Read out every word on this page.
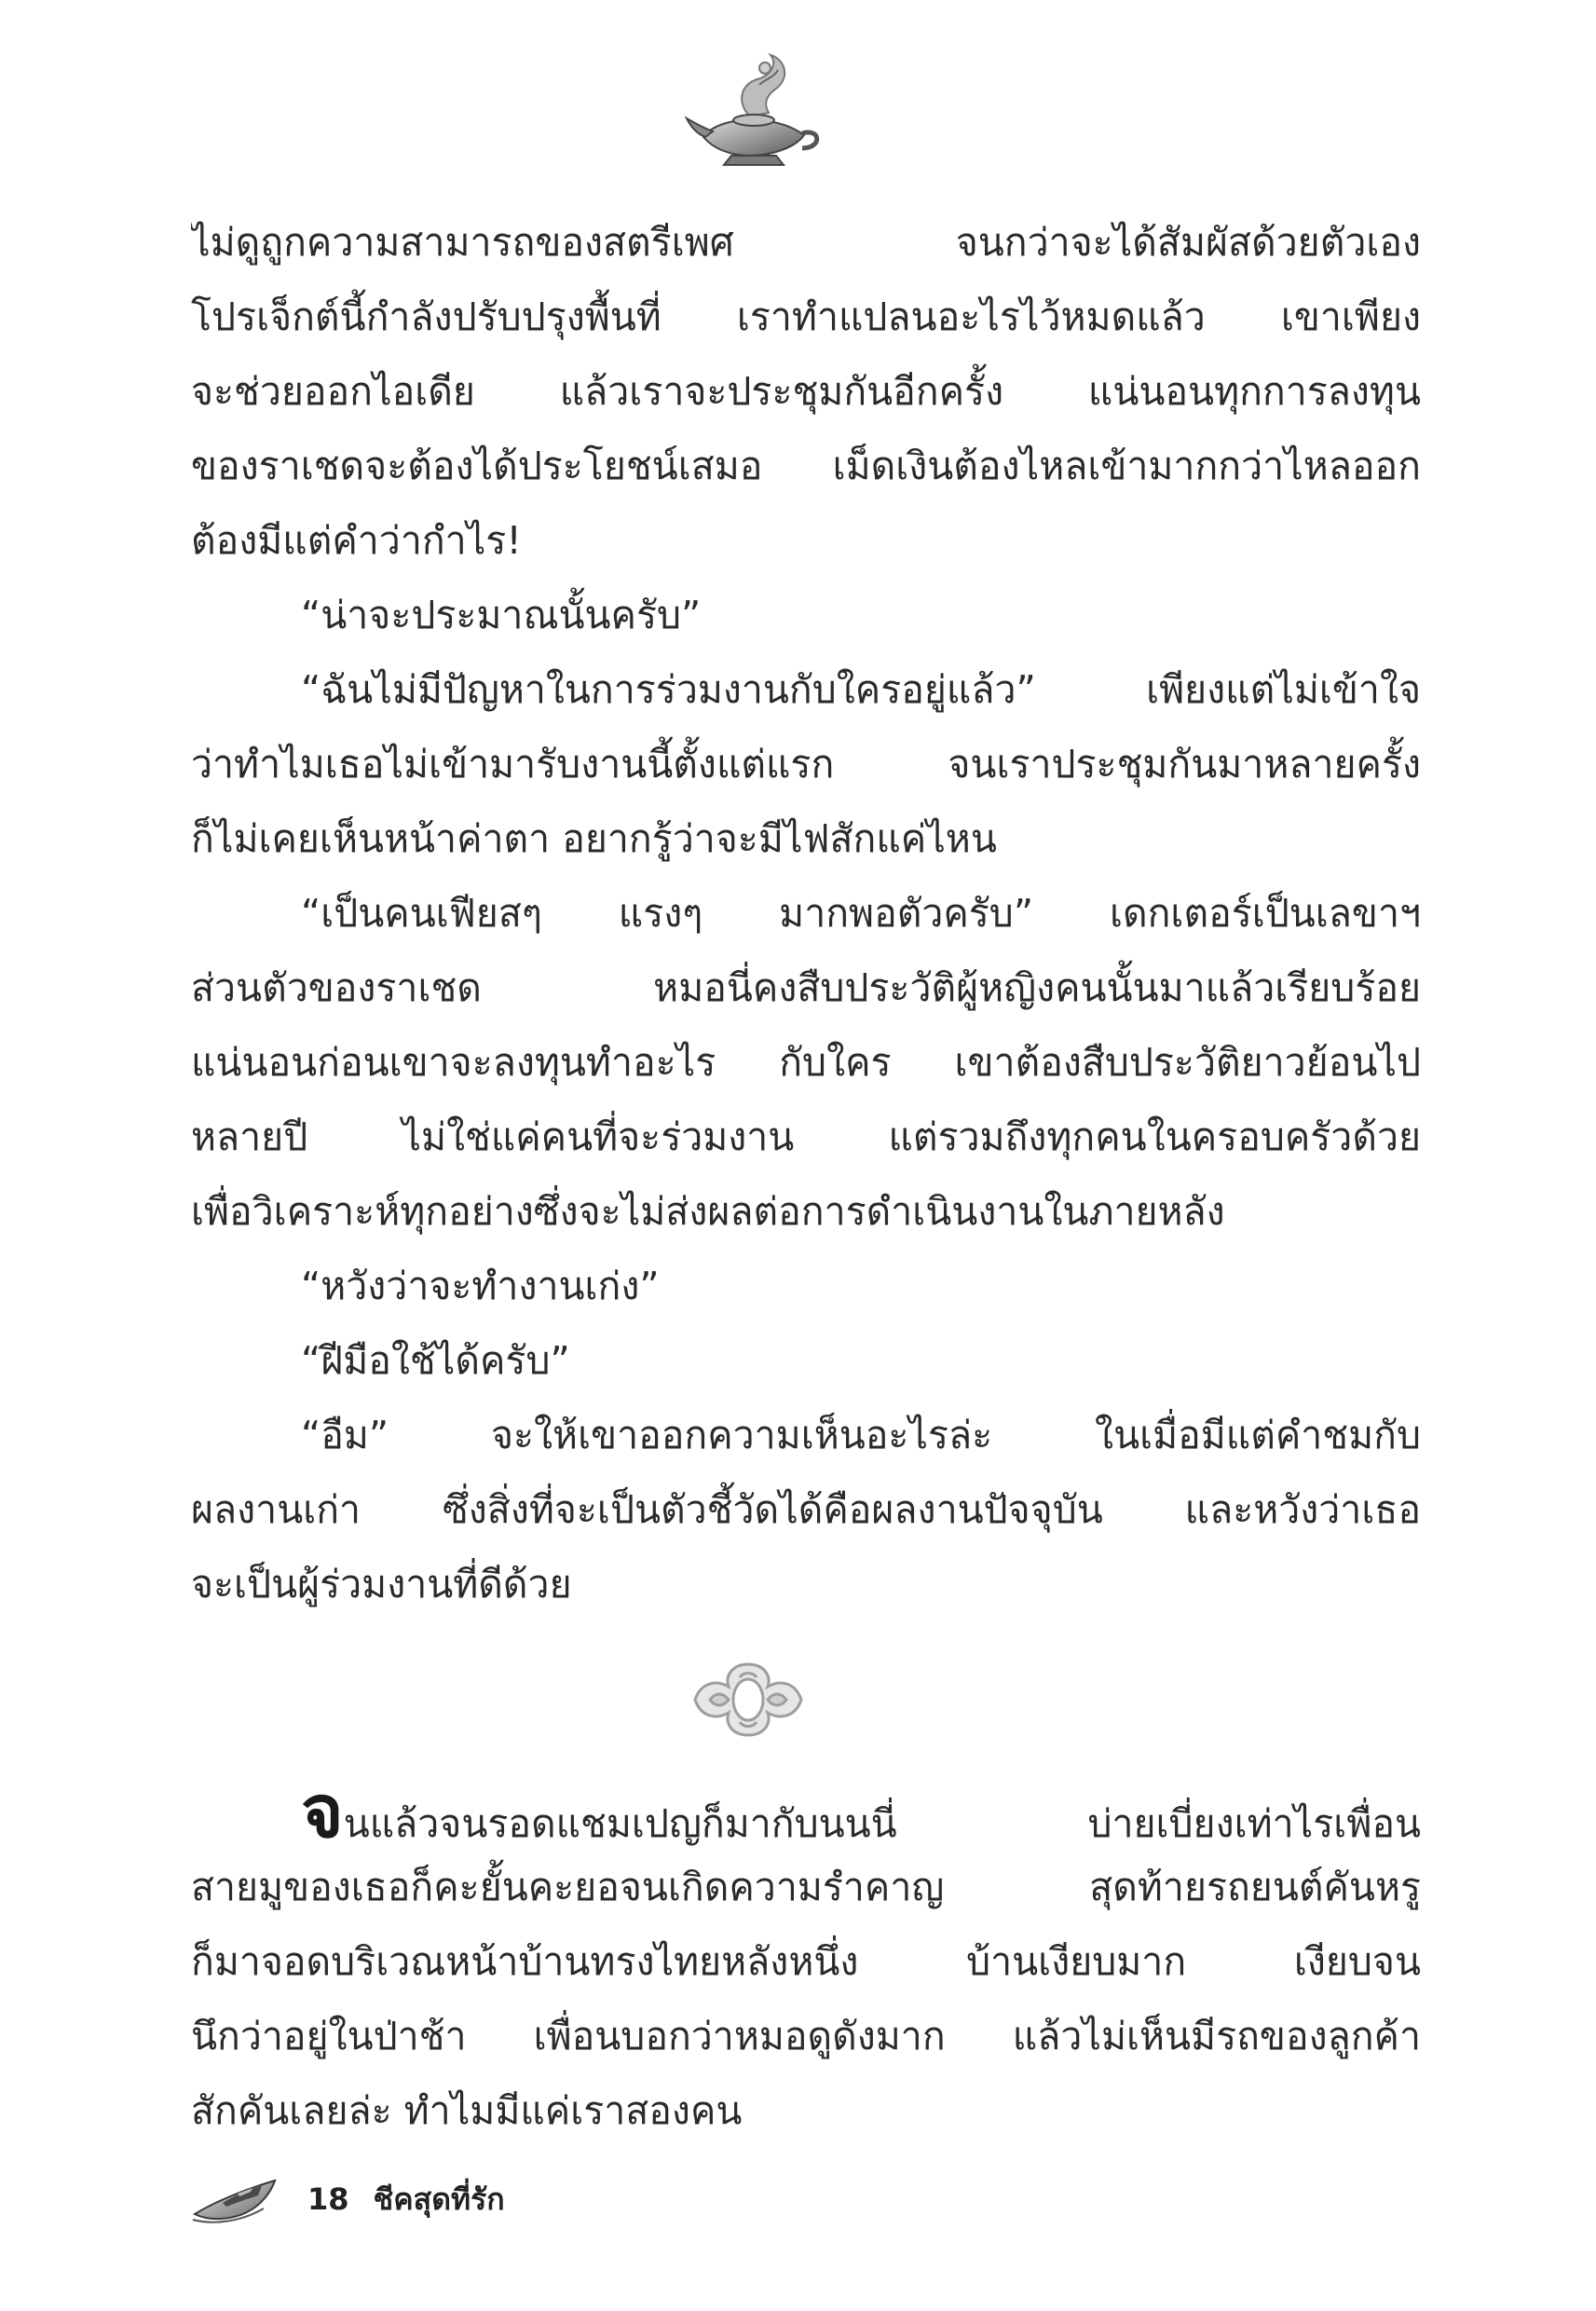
ไม่ดูถูกความสามารถของสตรีเพศ จนกว่าจะได้สัมผัสด้วยตัวเอง
โปรเจ็กต์นี้กำลังปรับปรุงพื้นที่ เราทำแปลนอะไรไว้หมดแล้ว เขาเพียง
จะช่วยออกไอเดีย แล้วเราจะประชุมกันอีกครั้ง แน่นอนทุกการลงทุน
ของราเชดจะต้องได้ประโยชน์เสมอ เม็ดเงินต้องไหลเข้ามากกว่าไหลออก
ต้องมีแต่คำว่ากำไร!
“น่าจะประมาณนั้นครับ”
“ฉันไม่มีปัญหาในการร่วมงานกับใครอยู่แล้ว” เพียงแต่ไม่เข้าใจ
ว่าทำไมเธอไม่เข้ามารับงานนี้ตั้งแต่แรก จนเราประชุมกันมาหลายครั้ง
ก็ไม่เคยเห็นหน้าค่าตา อยากรู้ว่าจะมีไฟสักแค่ไหน
“เป็นคนเฟียสๆ แรงๆ มากพอตัวครับ” เดกเตอร์เป็นเลขาฯ
ส่วนตัวของราเชด หมอนี่คงสืบประวัติผู้หญิงคนนั้นมาแล้วเรียบร้อย
แน่นอนก่อนเขาจะลงทุนทำอะไร กับใคร เขาต้องสืบประวัติยาวย้อนไป
หลายปี ไม่ใช่แค่คนที่จะร่วมงาน แต่รวมถึงทุกคนในครอบครัวด้วย
เพื่อวิเคราะห์ทุกอย่างซึ่งจะไม่ส่งผลต่อการดำเนินงานในภายหลัง
“หวังว่าจะทำงานเก่ง”
“ฝีมือใช้ได้ครับ”
“อืม” จะให้เขาออกความเห็นอะไรล่ะ ในเมื่อมีแต่คำชมกับ
ผลงานเก่า ซึ่งสิ่งที่จะเป็นตัวชี้วัดได้คือผลงานปัจจุบัน และหวังว่าเธอ
จะเป็นผู้ร่วมงานที่ดีด้วย
จนแล้วจนรอดแชมเปญก็มากับนนนี่ บ่ายเบี่ยงเท่าไรเพื่อน
สายมูของเธอก็คะยั้นคะยอจนเกิดความรำคาญ สุดท้ายรถยนต์คันหรู
ก็มาจอดบริเวณหน้าบ้านทรงไทยหลังหนึ่ง บ้านเงียบมาก เงียบจน
นึกว่าอยู่ในป่าช้า เพื่อนบอกว่าหมอดูดังมาก แล้วไม่เห็นมีรถของลูกค้า
สักคันเลยล่ะ ทำไมมีแค่เราสองคน
18 ชีคสุดที่รัก
